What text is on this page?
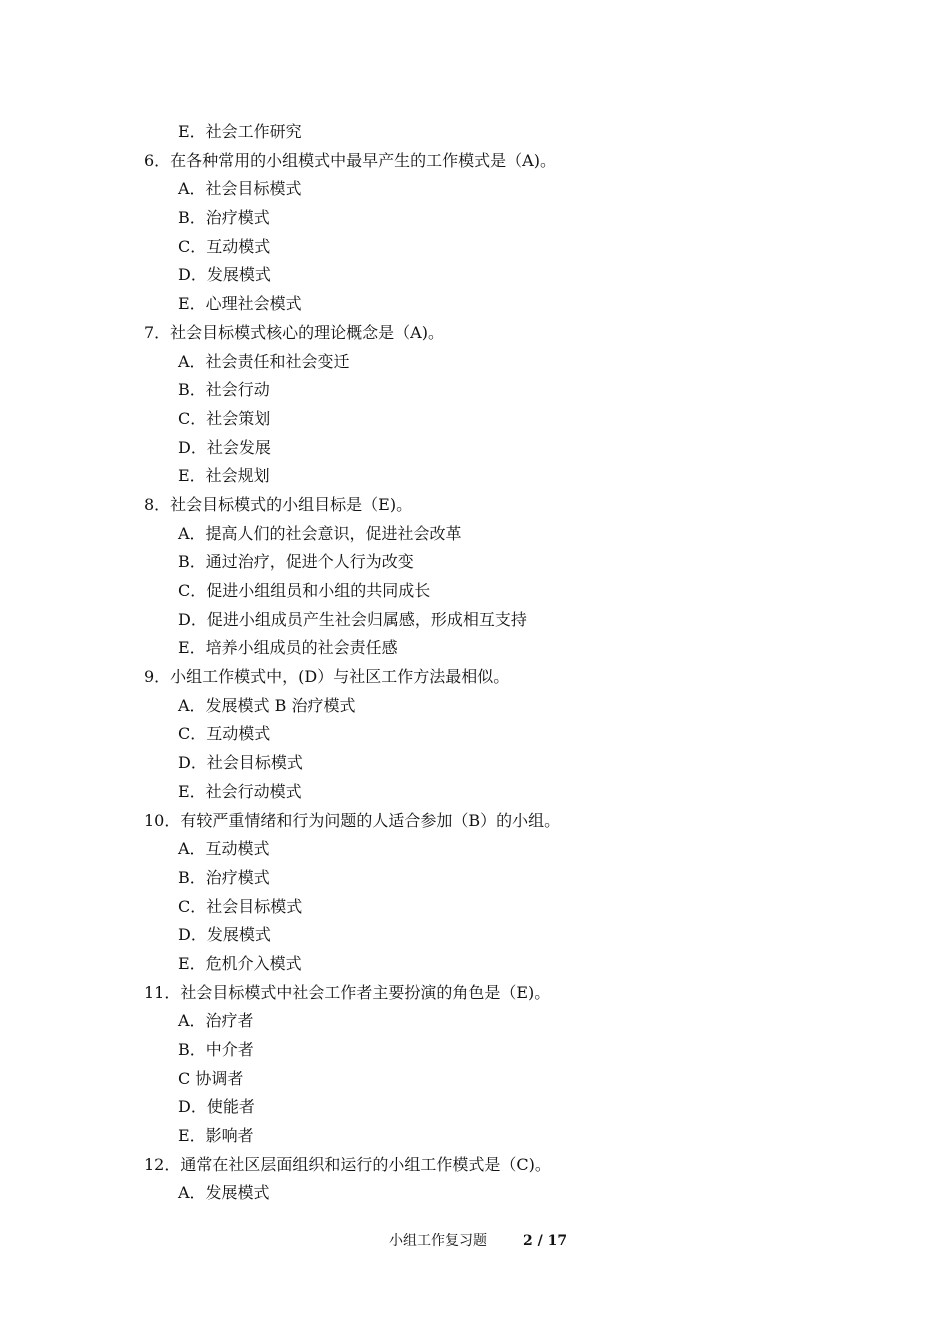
E．社会工作研究
6．在各种常用的小组模式中最早产生的工作模式是（A)。
A．社会目标模式
B．治疗模式
C．互动模式
D．发展模式
E．心理社会模式
7．社会目标模式核心的理论概念是（A)。
A．社会责任和社会变迁
B．社会行动
C．社会策划
D．社会发展
E．社会规划
8．社会目标模式的小组目标是（E)。
A．提高人们的社会意识，促进社会改革
B．通过治疗，促进个人行为改变
C．促进小组组员和小组的共同成长
D．促进小组成员产生社会归属感，形成相互支持
E．培养小组成员的社会责任感
9．小组工作模式中，(D）与社区工作方法最相似。
A．发展模式 B 治疗模式
C．互动模式
D．社会目标模式
E．社会行动模式
10．有较严重情绪和行为问题的人适合参加（B）的小组。
A．互动模式
B．治疗模式
C．社会目标模式
D．发展模式
E．危机介入模式
11．社会目标模式中社会工作者主要扮演的角色是（E)。
A．治疗者
B．中介者
C 协调者
D．使能者
E．影响者
12．通常在社区层面组织和运行的小组工作模式是（C)。
A．发展模式
小组工作复习题	2 / 17
